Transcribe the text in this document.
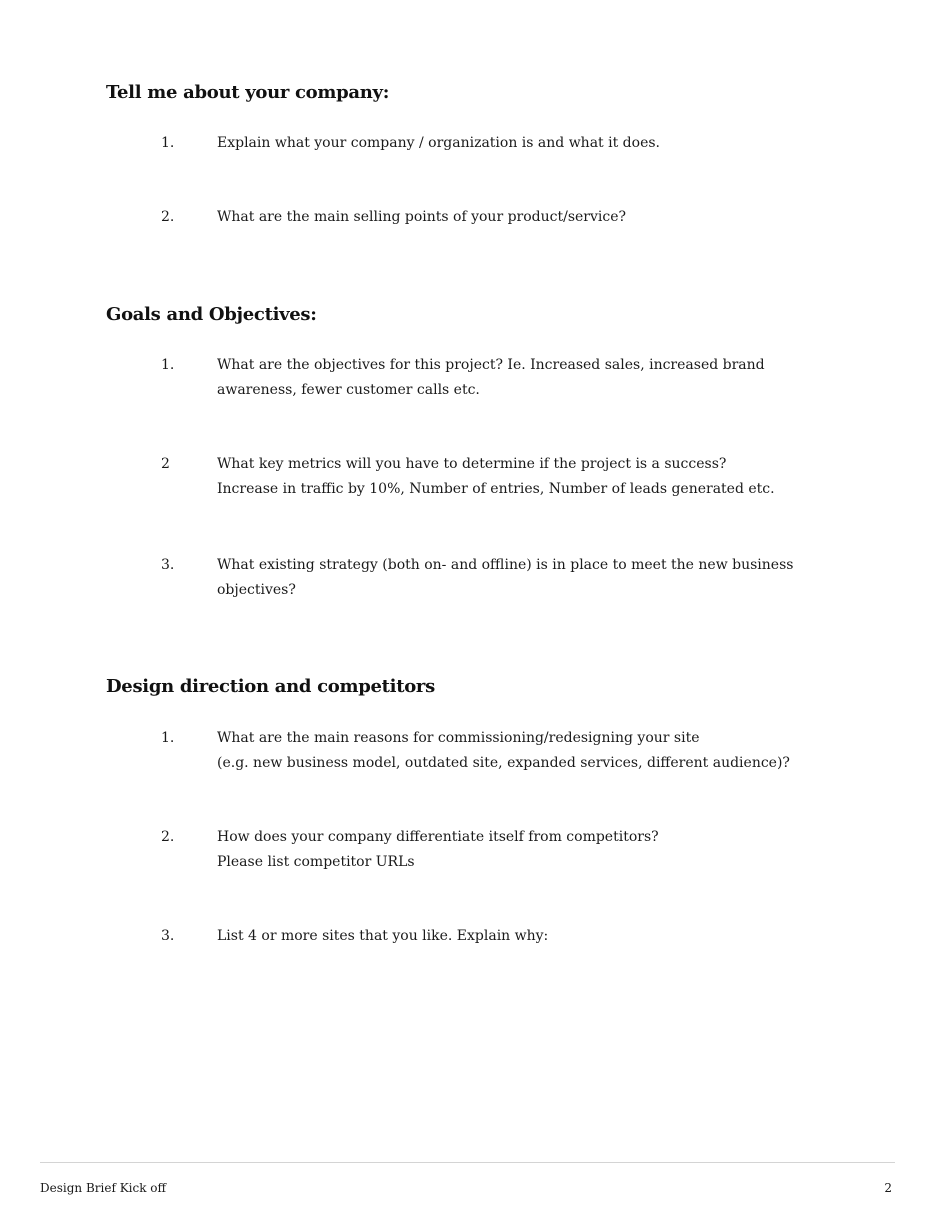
Tell me about your company:
1.	Explain what your company / organization is and what it does.
2.	What are the main selling points of your product/service?
Goals and Objectives:
1.	What are the objectives for this project? Ie. Increased sales, increased brand
awareness, fewer customer calls etc.
2	What key metrics will you have to determine if the project is a success?
Increase in traffic by 10%, Number of entries, Number of leads generated etc.
3.	What existing strategy (both on- and offline) is in place to meet the new business
objectives?
Design direction and competitors
1.	What are the main reasons for commissioning/redesigning your site
(e.g. new business model, outdated site, expanded services, different audience)?
2.	How does your company differentiate itself from competitors?
Please list competitor URLs
3.	List 4 or more sites that you like. Explain why:
Design Brief Kick off	2
